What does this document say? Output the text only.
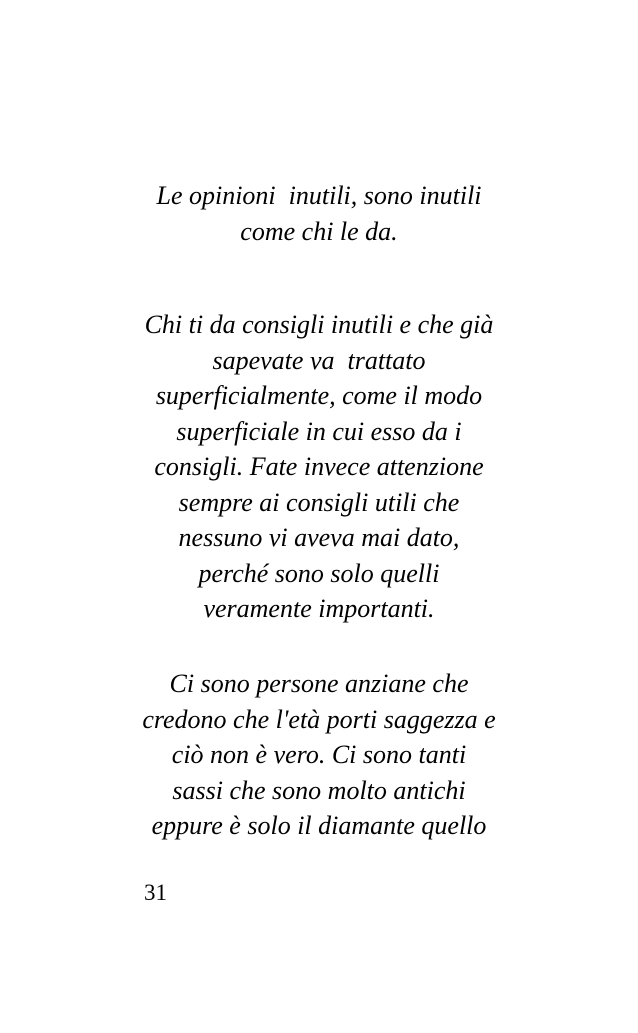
Le opinioni  inutili, sono inutili
come chi le da.
Chi ti da consigli inutili e che già
sapevate va  trattato
superficialmente, come il modo
superficiale in cui esso da i
consigli. Fate invece attenzione
sempre ai consigli utili che
nessuno vi aveva mai dato,
perché sono solo quelli
veramente importanti.
Ci sono persone anziane che
credono che l'età porti saggezza e
ciò non è vero. Ci sono tanti
sassi che sono molto antichi
eppure è solo il diamante quello
31
